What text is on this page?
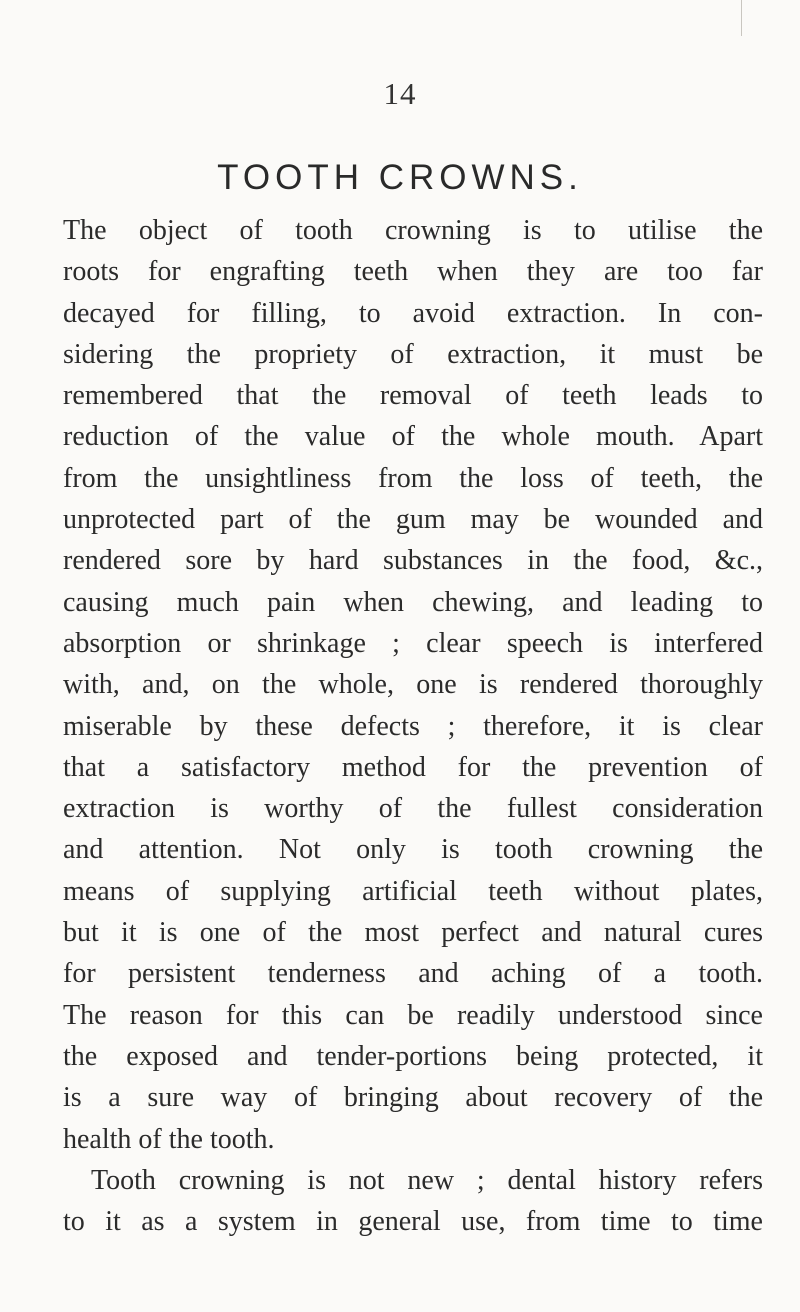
14
TOOTH CROWNS.
The object of tooth crowning is to utilise the
roots for engrafting teeth when they are too far
decayed for filling, to avoid extraction. In con-
sidering the propriety of extraction, it must be
remembered that the removal of teeth leads to
reduction of the value of the whole mouth. Apart
from the unsightliness from the loss of teeth, the
unprotected part of the gum may be wounded and
rendered sore by hard substances in the food, &c.,
causing much pain when chewing, and leading to
absorption or shrinkage ; clear speech is interfered
with, and, on the whole, one is rendered thoroughly
miserable by these defects ; therefore, it is clear
that a satisfactory method for the prevention of
extraction is worthy of the fullest consideration
and attention. Not only is tooth crowning the
means of supplying artificial teeth without plates,
but it is one of the most perfect and natural cures
for persistent tenderness and aching of a tooth.
The reason for this can be readily understood since
the exposed and tender-portions being protected, it
is a sure way of bringing about recovery of the
health of the tooth.
Tooth crowning is not new ; dental history refers
to it as a system in general use, from time to time
